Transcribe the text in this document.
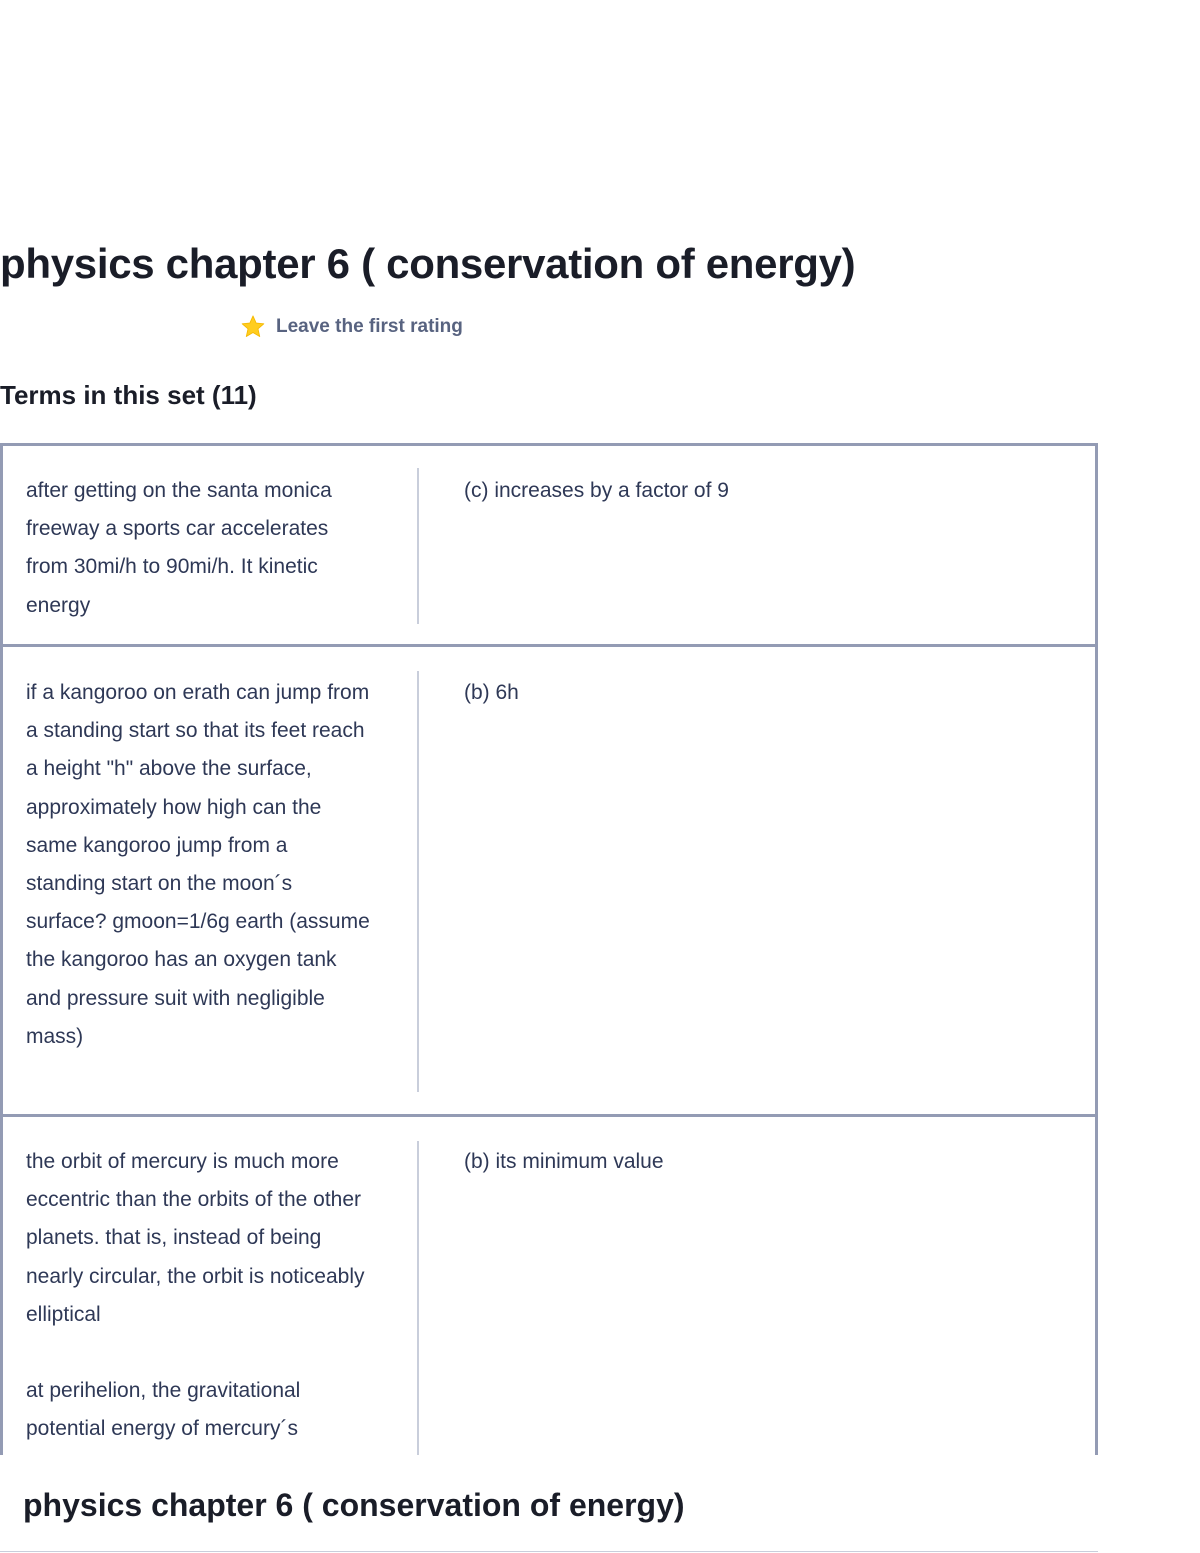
physics chapter 6 ( conservation of energy)
Leave the first rating
Terms in this set (11)
after getting on the santa monica freeway a sports car accelerates from 30mi/h to 90mi/h. It kinetic energy
(c) increases by a factor of 9
if a kangoroo on erath can jump from a standing start so that its feet reach a height "h" above the surface, approximately how high can the same kangoroo jump from a standing start on the moon´s surface? gmoon=1/6g earth (assume the kangoroo has an oxygen tank and pressure suit with negligible mass)
(b) 6h
the orbit of mercury is much more eccentric than the orbits of the other planets. that is, instead of being nearly circular, the orbit is noticeably elliptical

at perihelion, the gravitational potential energy of mercury´s
(b) its minimum value
physics chapter 6 ( conservation of energy)
